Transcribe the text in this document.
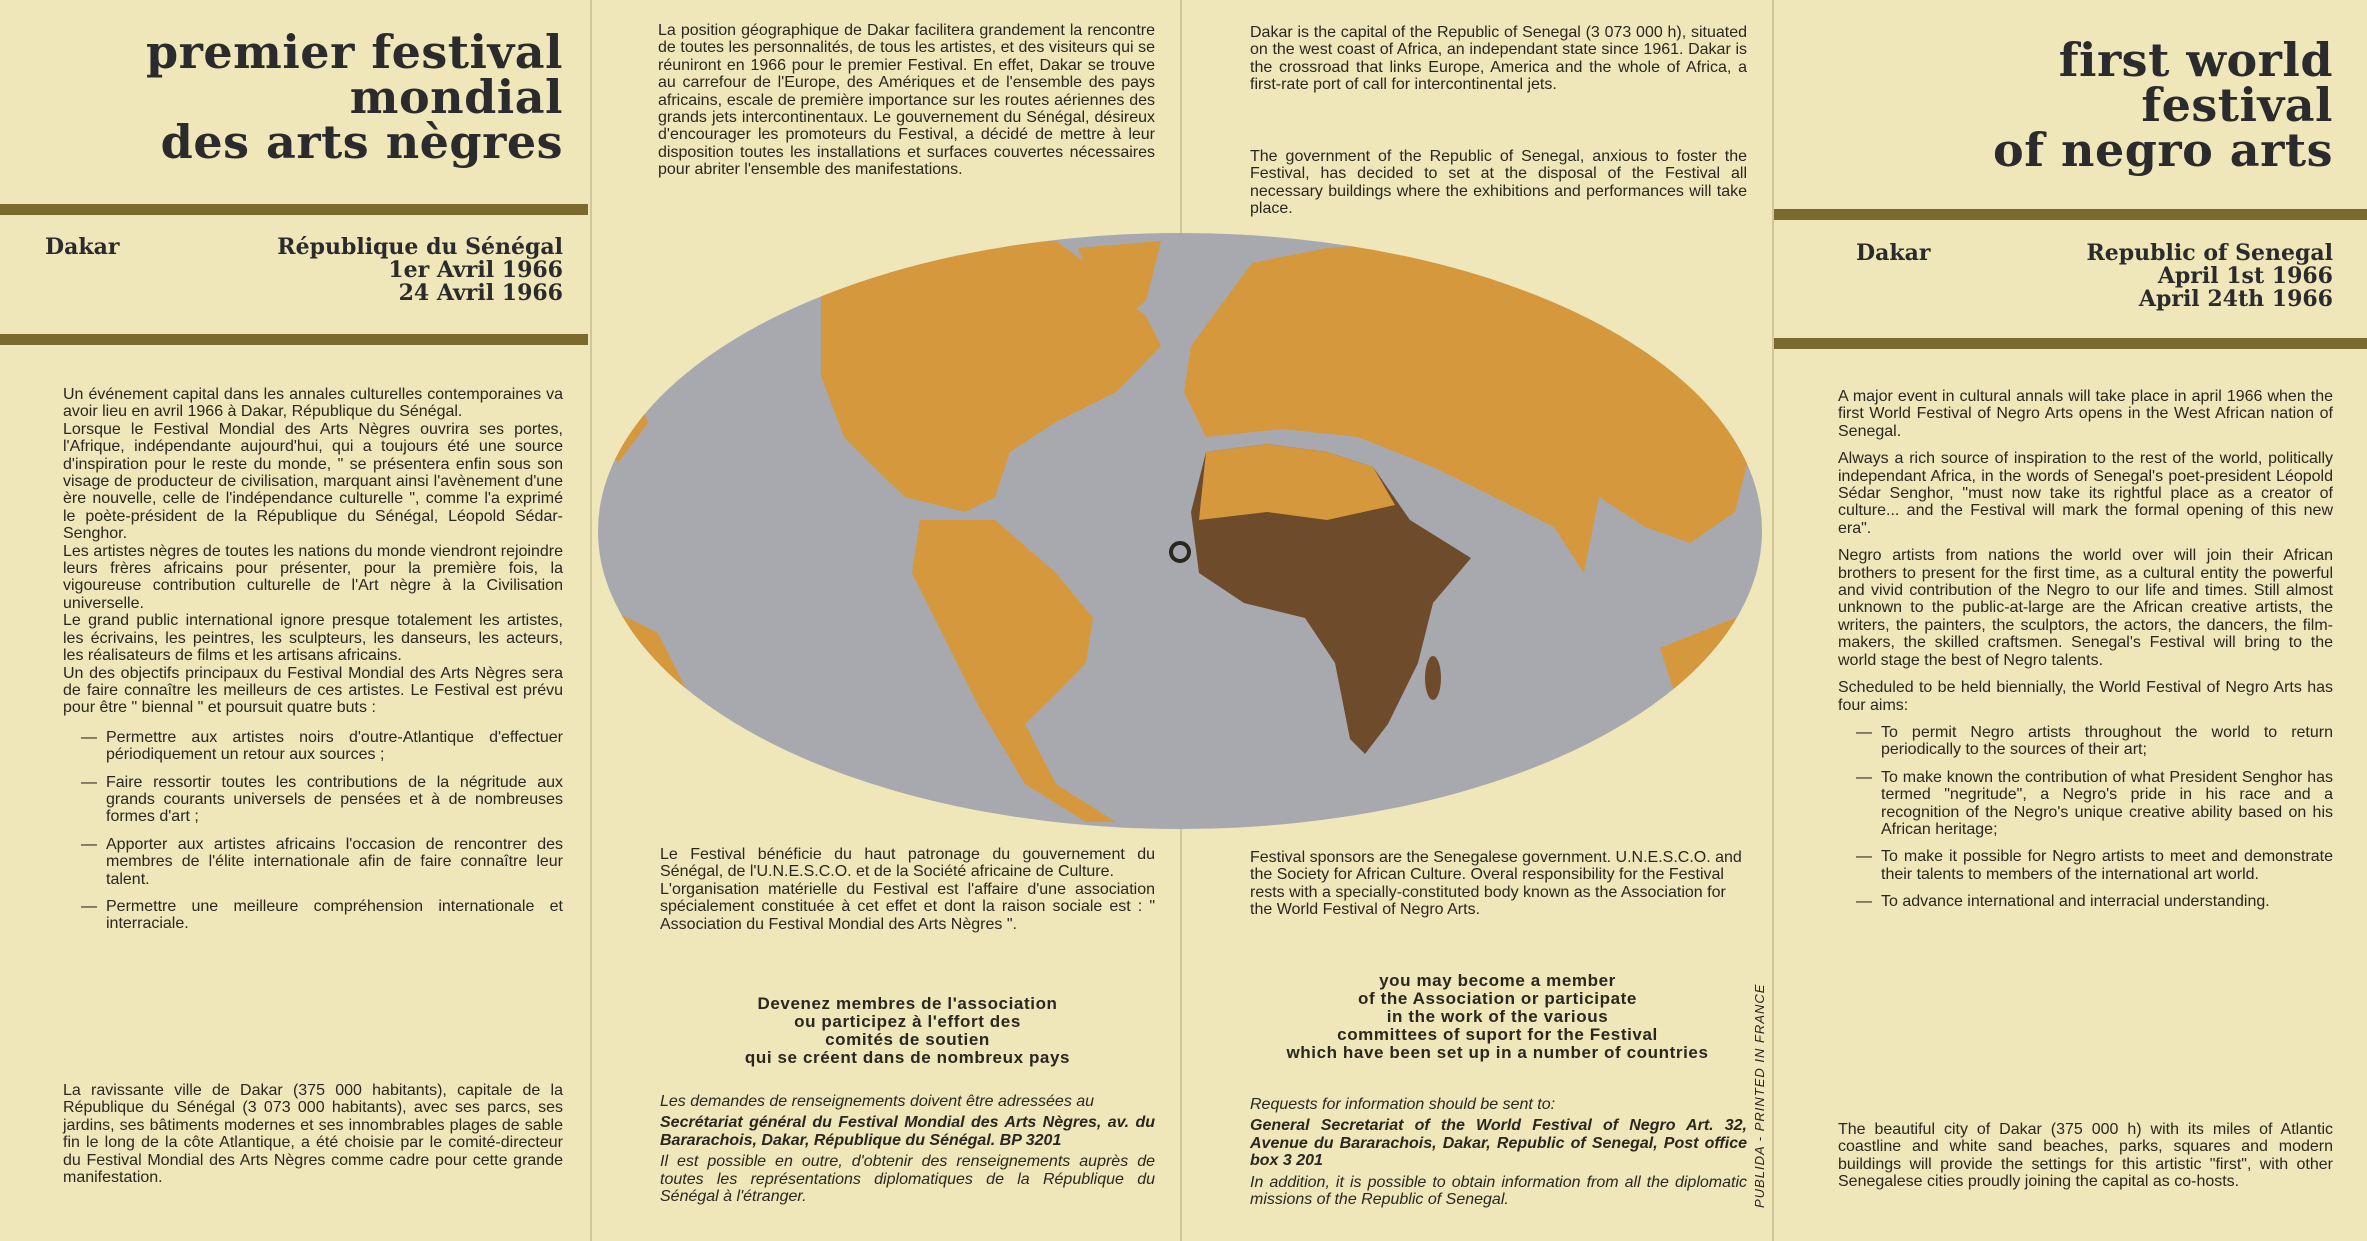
premier festival
mondial
des arts nègres
Dakar	République du Sénégal
1er Avril 1966
24 Avril 1966

Un événement capital dans les annales culturelles contemporaines va avoir lieu en avril 1966 à Dakar, République du Sénégal.

Lorsque le Festival Mondial des Arts Nègres ouvrira ses portes, l'Afrique, indépendante aujourd'hui, qui a toujours été une source d'inspiration pour le reste du monde, " se présentera enfin sous son visage de producteur de civilisation, marquant ainsi l'avènement d'une ère nouvelle, celle de l'indépendance culturelle ", comme l'a exprimé le poète-président de la République du Sénégal, Léopold Sédar-Senghor.

Les artistes nègres de toutes les nations du monde viendront rejoindre leurs frères africains pour présenter, pour la première fois, la vigoureuse contribution culturelle de l'Art nègre à la Civilisation universelle.

Le grand public international ignore presque totalement les artistes, les écrivains, les peintres, les sculpteurs, les danseurs, les acteurs, les réalisateurs de films et les artisans africains.

Un des objectifs principaux du Festival Mondial des Arts Nègres sera de faire connaître les meilleurs de ces artistes. Le Festival est prévu pour être " biennal " et poursuit quatre buts :

— Permettre aux artistes noirs d'outre-Atlantique d'effectuer périodiquement un retour aux sources ;
— Faire ressortir toutes les contributions de la négritude aux grands courants universels de pensées et à de nombreuses formes d'art ;
— Apporter aux artistes africains l'occasion de rencontrer des membres de l'élite internationale afin de faire connaître leur talent.
— Permettre une meilleure compréhension internationale et interraciale.

La ravissante ville de Dakar (375 000 habitants), capitale de la République du Sénégal (3 073 000 habitants), avec ses parcs, ses jardins, ses bâtiments modernes et ses innombrables plages de sable fin le long de la côte Atlantique, a été choisie par le comité-directeur du Festival Mondial des Arts Nègres comme cadre pour cette grande manifestation.

La position géographique de Dakar facilitera grandement la rencontre de toutes les personnalités, de tous les artistes, et des visiteurs qui se réuniront en 1966 pour le premier Festival. En effet, Dakar se trouve au carrefour de l'Europe, des Amériques et de l'ensemble des pays africains, escale de première importance sur les routes aériennes des grands jets intercontinentaux. Le gouvernement du Sénégal, désireux d'encourager les promoteurs du Festival, a décidé de mettre à leur disposition toutes les installations et surfaces couvertes nécessaires pour abriter l'ensemble des manifestations.

Le Festival bénéficie du haut patronage du gouvernement du Sénégal, de l'U.N.E.S.C.O. et de la Société africaine de Culture.

L'organisation matérielle du Festival est l'affaire d'une association spécialement constituée à cet effet et dont la raison sociale est : " Association du Festival Mondial des Arts Nègres ".

Devenez membres de l'association
ou participez à l'effort des
comités de soutien
qui se créent dans de nombreux pays

Les demandes de renseignements doivent être adressées au

Secrétariat général du Festival Mondial des Arts Nègres, av. du Bararachois, Dakar, République du Sénégal. BP 3201

Il est possible en outre, d'obtenir des renseignements auprès de toutes les représentations diplomatiques de la République du Sénégal à l'étranger.

Dakar is the capital of the Republic of Senegal (3 073 000 h), situated on the west coast of Africa, an independant state since 1961. Dakar is the crossroad that links Europe, America and the whole of Africa, a first-rate port of call for intercontinental jets.

The government of the Republic of Senegal, anxious to foster the Festival, has decided to set at the disposal of the Festival all necessary buildings where the exhibitions and performances will take place.

Festival sponsors are the Senegalese government. U.N.E.S.C.O. and the Society for African Culture. Overal responsibility for the Festival rests with a specially-constituted body known as the Association for the World Festival of Negro Arts.

you may become a member
of the Association or participate
in the work of the various
committees of suport for the Festival
which have been set up in a number of countries

Requests for information should be sent to:

General Secretariat of the World Festival of Negro Art. 32, Avenue du Bararachois, Dakar, Republic of Senegal, Post office box 3 201

In addition, it is possible to obtain information from all the diplomatic missions of the Republic of Senegal.	PUBLIDA - PRINTED IN FRANCE
first world
festival
of negro arts
Dakar	Republic of Senegal
April 1st 1966
April 24th 1966

A major event in cultural annals will take place in april 1966 when the first World Festival of Negro Arts opens in the West African nation of Senegal.

Always a rich source of inspiration to the rest of the world, politically independant Africa, in the words of Senegal's poet-president Léopold Sédar Senghor, "must now take its rightful place as a creator of culture... and the Festival will mark the formal opening of this new era".

Negro artists from nations the world over will join their African brothers to present for the first time, as a cultural entity the powerful and vivid contribution of the Negro to our life and times. Still almost unknown to the public-at-large are the African creative artists, the writers, the painters, the sculptors, the actors, the dancers, the film-makers, the skilled craftsmen. Senegal's Festival will bring to the world stage the best of Negro talents.

Scheduled to be held biennially, the World Festival of Negro Arts has four aims:

— To permit Negro artists throughout the world to return periodically to the sources of their art;
— To make known the contribution of what President Senghor has termed "negritude", a Negro's pride in his race and a recognition of the Negro's unique creative ability based on his African heritage;
— To make it possible for Negro artists to meet and demonstrate their talents to members of the international art world.
— To advance international and interracial understanding.

The beautiful city of Dakar (375 000 h) with its miles of Atlantic coastline and white sand beaches, parks, squares and modern buildings will provide the settings for this artistic "first", with other Senegalese cities proudly joining the capital as co-hosts.
